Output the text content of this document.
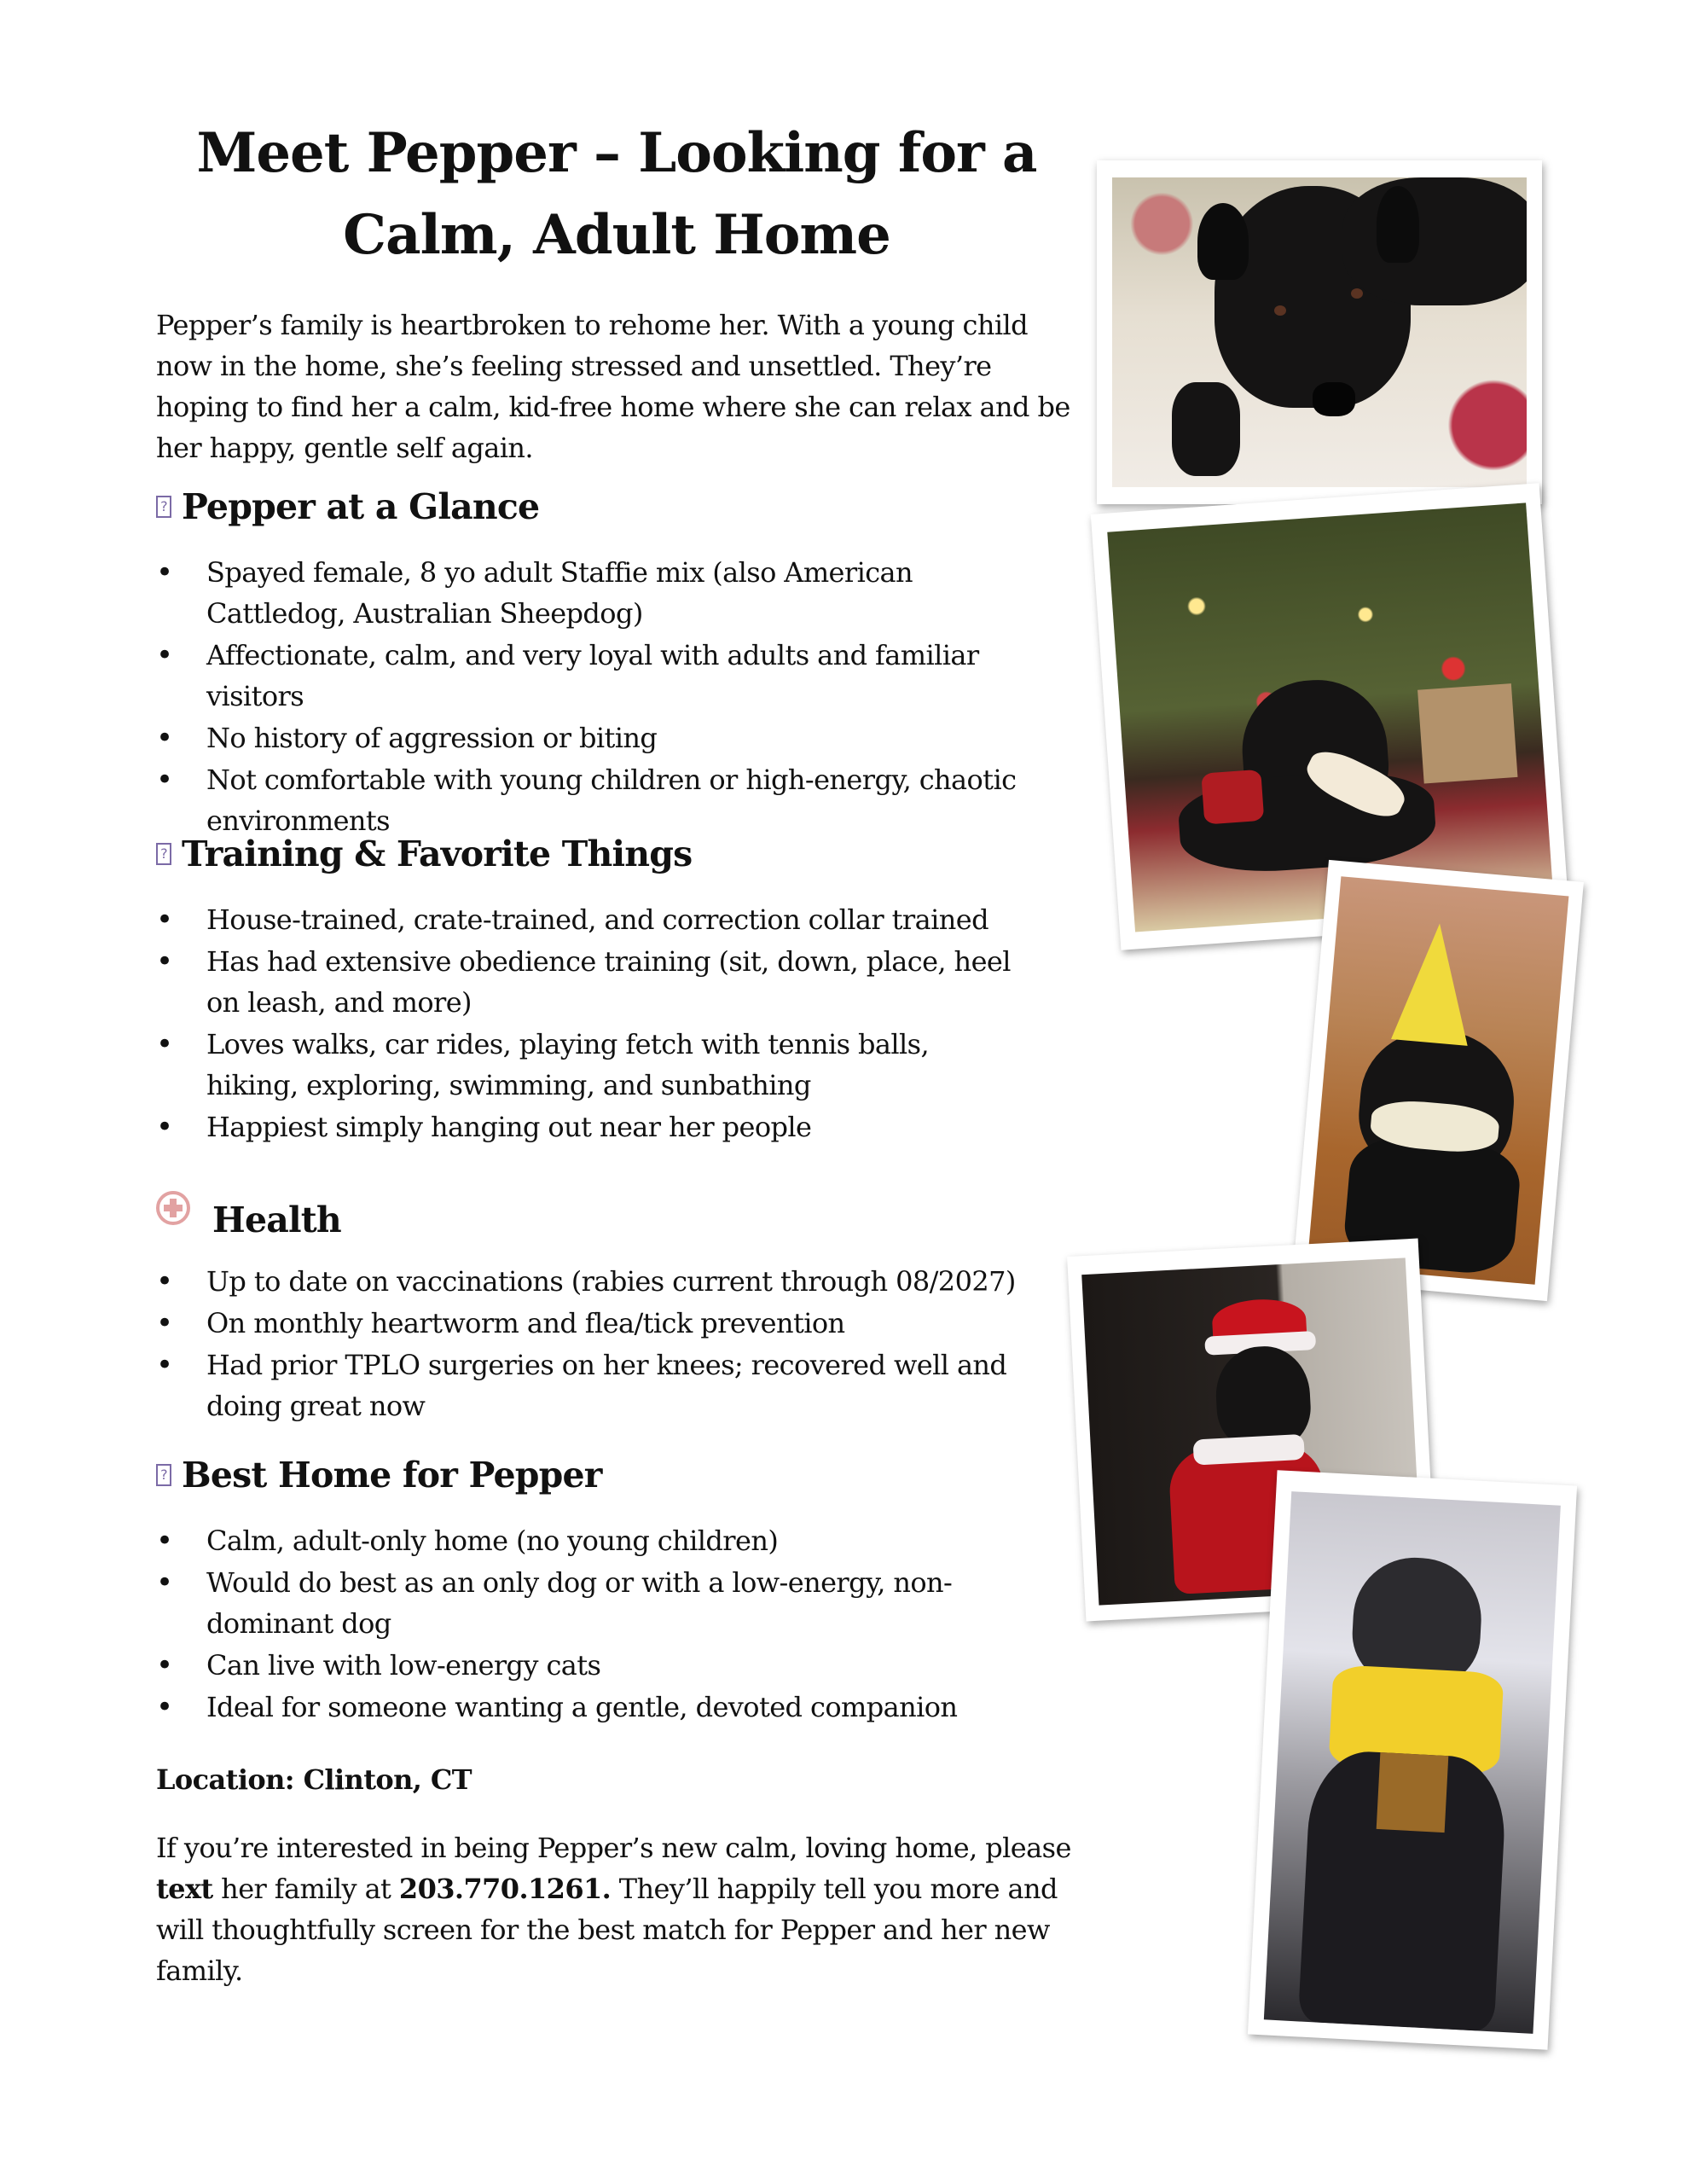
Meet Pepper – Looking for a
Calm, Adult Home

Pepper’s family is heartbroken to rehome her. With a young child now in the home, she’s feeling stressed and unsettled. They’re hoping to find her a calm, kid-free home where she can relax and be her happy, gentle self again.

? Pepper at a Glance
• Spayed female, 8 yo adult Staffie mix (also American Cattledog, Australian Sheepdog)
• Affectionate, calm, and very loyal with adults and familiar visitors
• No history of aggression or biting
• Not comfortable with young children or high-energy, chaotic environments
? Training & Favorite Things
• House-trained, crate-trained, and correction collar trained
• Has had extensive obedience training (sit, down, place, heel on leash, and more)
• Loves walks, car rides, playing fetch with tennis balls, hiking, exploring, swimming, and sunbathing
• Happiest simply hanging out near her people
Health
• Up to date on vaccinations (rabies current through 08/2027)
• On monthly heartworm and flea/tick prevention
• Had prior TPLO surgeries on her knees; recovered well and doing great now
? Best Home for Pepper
• Calm, adult-only home (no young children)
• Would do best as an only dog or with a low-energy, non-dominant dog
• Can live with low-energy cats
• Ideal for someone wanting a gentle, devoted companion

Location: Clinton, CT

If you’re interested in being Pepper’s new calm, loving home, please text her family at 203.770.1261. They’ll happily tell you more and will thoughtfully screen for the best match for Pepper and her new family.
